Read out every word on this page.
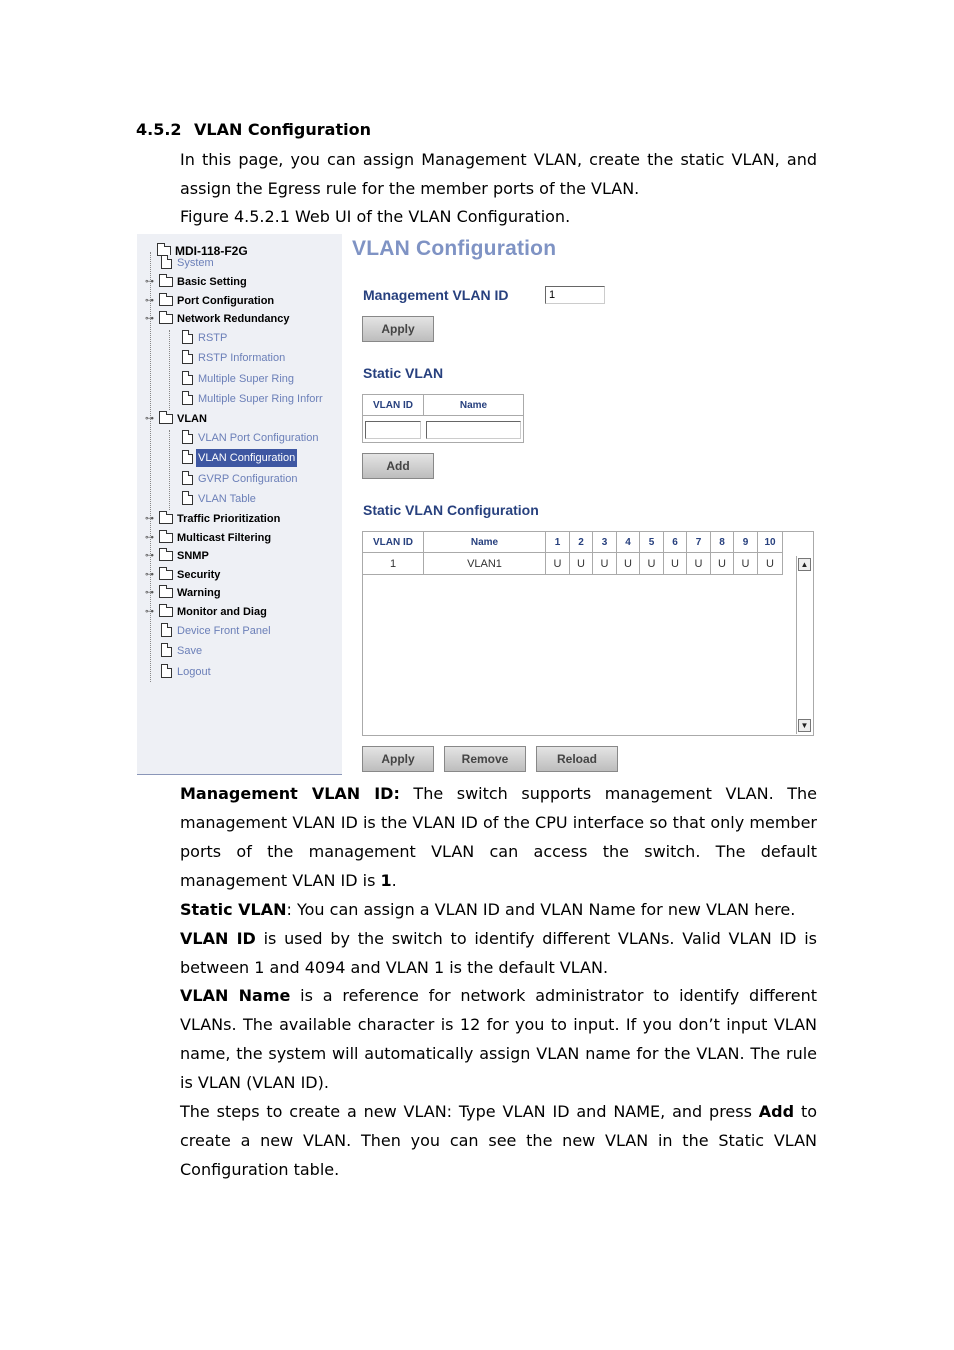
4.5.2 VLAN Configuration
In this page, you can assign Management VLAN, create the static VLAN, and assign the Egress rule for the member ports of the VLAN.
Figure 4.5.2.1 Web UI of the VLAN Configuration.
MDI-118-F2G
System
⊶ Basic Setting
⊶ Port Configuration
⊶ Network Redundancy
RSTP
RSTP Information
Multiple Super Ring
Multiple Super Ring Inforr
⊶ VLAN
VLAN Port Configuration
VLAN Configuration
GVRP Configuration
VLAN Table
⊶ Traffic Prioritization
⊶ Multicast Filtering
⊶ SNMP
⊶ Security
⊶ Warning
⊶ Monitor and Diag
Device Front Panel
Save
Logout
VLAN Configuration
Management VLAN ID
1
Apply
Static VLAN
VLAN ID	Name
Add
Static VLAN Configuration
VLAN ID	Name	1	2	3	4	5	6	7	8	9	10
1	VLAN1	U	U	U	U	U	U	U	U	U	U	▲
▼
Apply	Remove	Reload
Management VLAN ID: The switch supports management VLAN. The management VLAN ID is the VLAN ID of the CPU interface so that only member ports of the management VLAN can access the switch. The default management VLAN ID is 1.
Static VLAN: You can assign a VLAN ID and VLAN Name for new VLAN here.
VLAN ID is used by the switch to identify different VLANs. Valid VLAN ID is between 1 and 4094 and VLAN 1 is the default VLAN.
VLAN Name is a reference for network administrator to identify different VLANs. The available character is 12 for you to input. If you don’t input VLAN name, the system will automatically assign VLAN name for the VLAN. The rule is VLAN (VLAN ID).
The steps to create a new VLAN: Type VLAN ID and NAME, and press Add to create a new VLAN. Then you can see the new VLAN in the Static VLAN Configuration table.
